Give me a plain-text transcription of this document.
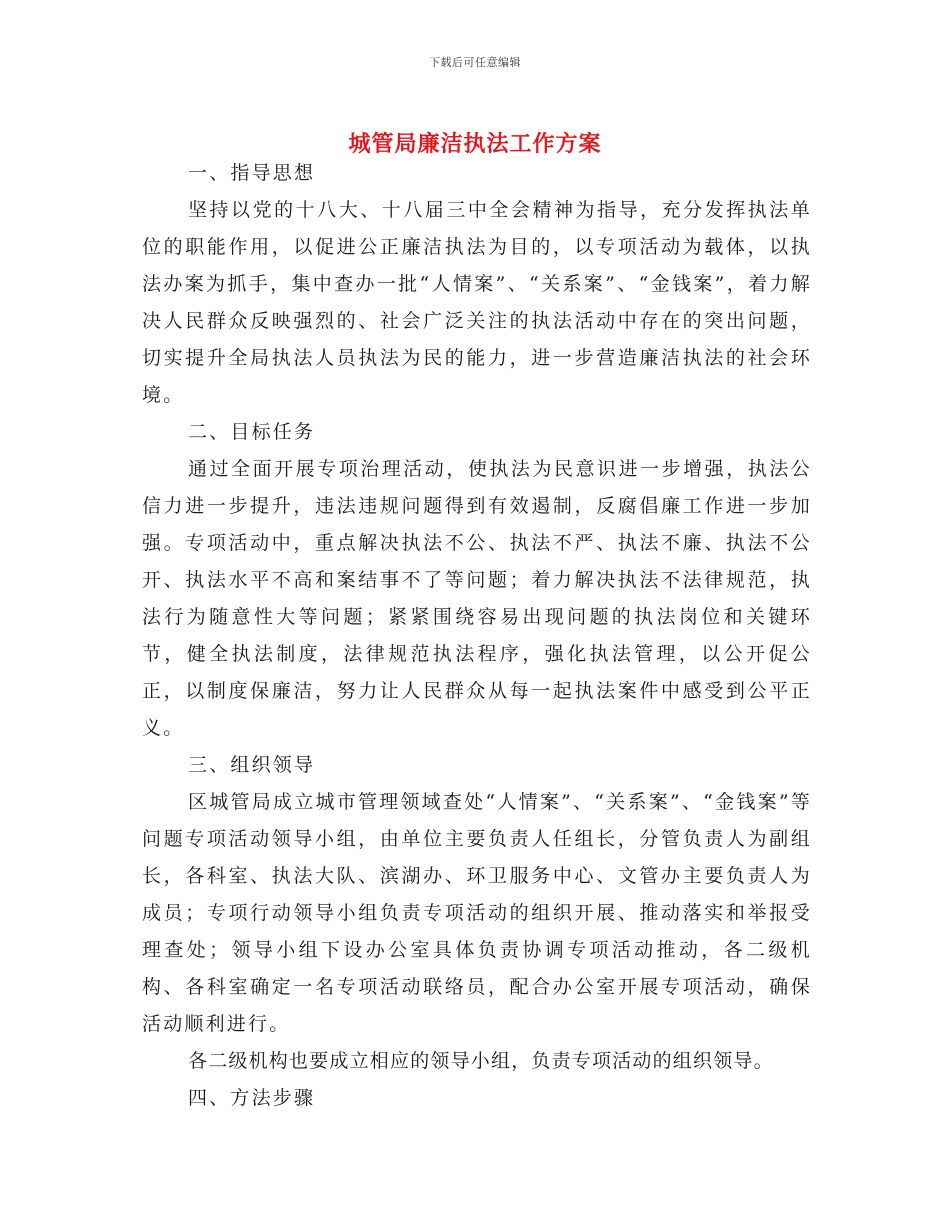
下载后可任意编辑
城管局廉洁执法工作方案
一、指导思想

坚持以党的十八大、十八届三中全会精神为指导，充分发挥执法单位的职能作用，以促进公正廉洁执法为目的，以专项活动为载体，以执法办案为抓手，集中查办一批“人情案”、“关系案”、“金钱案”，着力解决人民群众反映强烈的、社会广泛关注的执法活动中存在的突出问题，切实提升全局执法人员执法为民的能力，进一步营造廉洁执法的社会环境。

二、目标任务

通过全面开展专项治理活动，使执法为民意识进一步增强，执法公信力进一步提升，违法违规问题得到有效遏制，反腐倡廉工作进一步加强。专项活动中，重点解决执法不公、执法不严、执法不廉、执法不公开、执法水平不高和案结事不了等问题；着力解决执法不法律规范，执法行为随意性大等问题；紧紧围绕容易出现问题的执法岗位和关键环节，健全执法制度，法律规范执法程序，强化执法管理，以公开促公正，以制度保廉洁，努力让人民群众从每一起执法案件中感受到公平正义。

三、组织领导

区城管局成立城市管理领域查处“人情案”、“关系案”、“金钱案”等问题专项活动领导小组，由单位主要负责人任组长，分管负责人为副组长，各科室、执法大队、滨湖办、环卫服务中心、文管办主要负责人为成员；专项行动领导小组负责专项活动的组织开展、推动落实和举报受理查处；领导小组下设办公室具体负责协调专项活动推动，各二级机构、各科室确定一名专项活动联络员，配合办公室开展专项活动，确保活动顺利进行。

各二级机构也要成立相应的领导小组，负责专项活动的组织领导。

四、方法步骤
